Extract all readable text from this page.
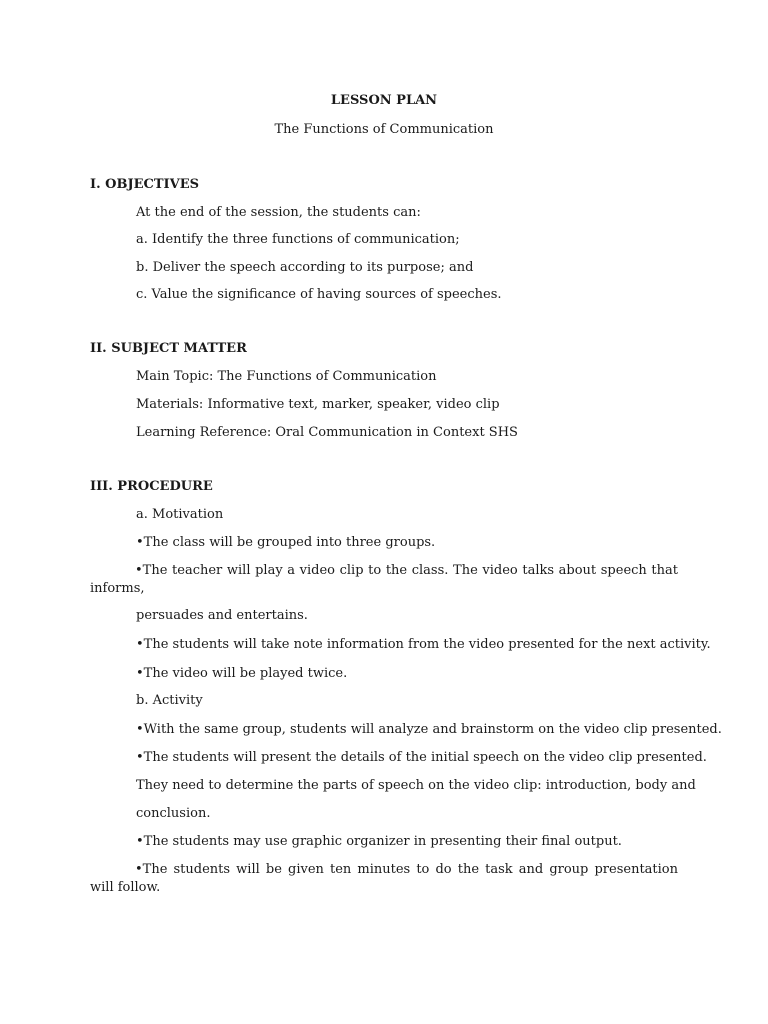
LESSON PLAN

The Functions of Communication

I. OBJECTIVES

At the end of the session, the students can:

a. Identify the three functions of communication;

b. Deliver the speech according to its purpose; and

c. Value the significance of having sources of speeches.

II. SUBJECT MATTER

Main Topic: The Functions of Communication

Materials: Informative text, marker, speaker, video clip

Learning Reference: Oral Communication in Context SHS

III. PROCEDURE

a. Motivation

•The class will be grouped into three groups.

•The teacher will play a video clip to the class. The video talks about speech that informs,

persuades and entertains.

•The students will take note information from the video presented for the next activity.

•The video will be played twice.

b. Activity

•With the same group, students will analyze and brainstorm on the video clip presented.

•The students will present the details of the initial speech on the video clip presented.

They need to determine the parts of speech on the video clip: introduction, body and

conclusion.

•The students may use graphic organizer in presenting their final output.

•The students will be given ten minutes to do the task and group presentation will follow.
